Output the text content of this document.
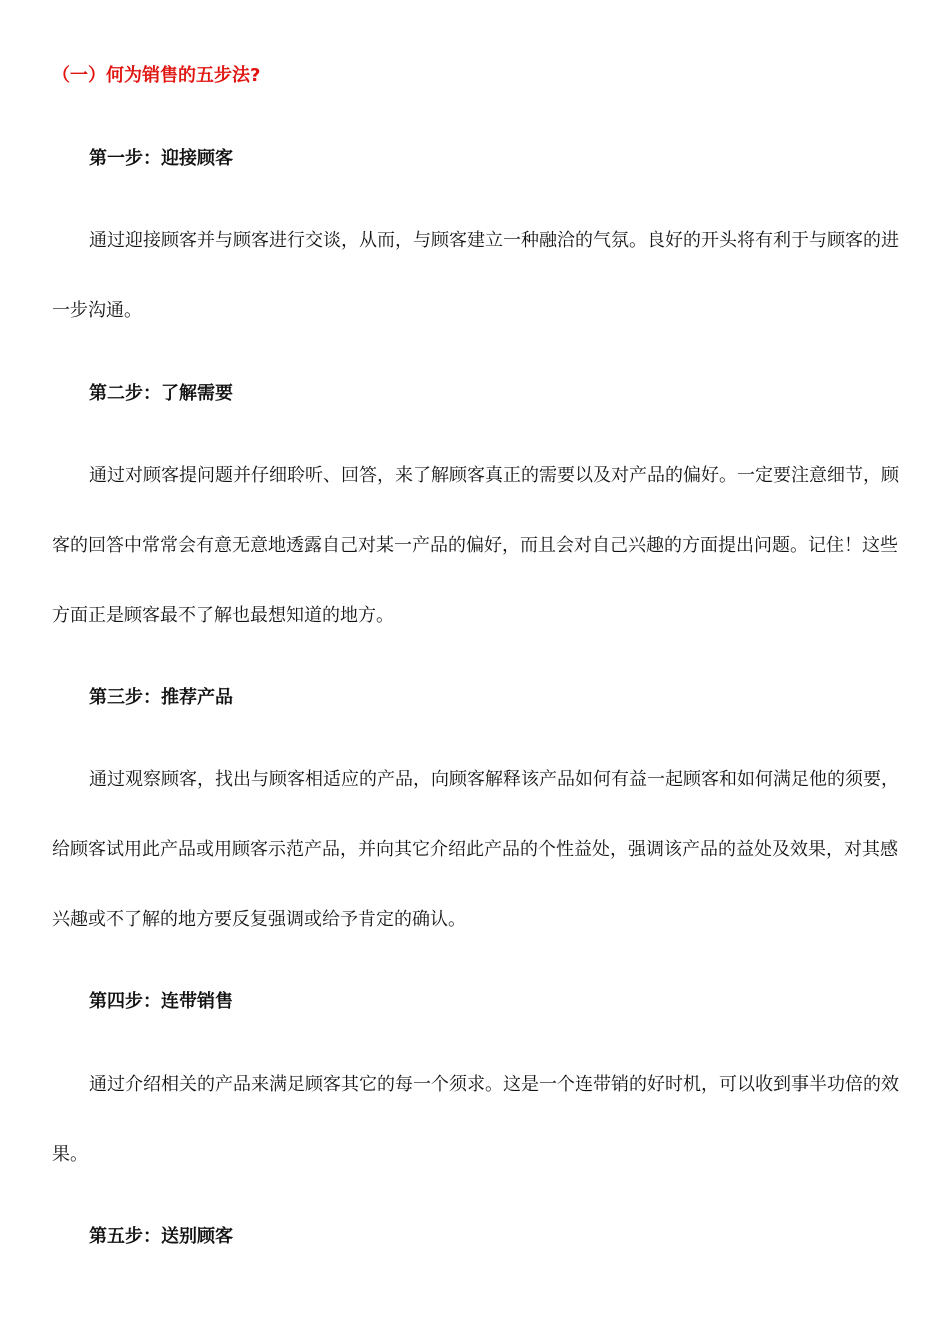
（一）何为销售的五步法?
第一步：迎接顾客
通过迎接顾客并与顾客进行交谈，从而，与顾客建立一种融洽的气氛。良好的开头将有利于与顾客的进一步沟通。
第二步：了解需要
通过对顾客提问题并仔细聆听、回答，来了解顾客真正的需要以及对产品的偏好。一定要注意细节，顾客的回答中常常会有意无意地透露自己对某一产品的偏好，而且会对自己兴趣的方面提出问题。记住！这些方面正是顾客最不了解也最想知道的地方。
第三步：推荐产品
通过观察顾客，找出与顾客相适应的产品，向顾客解释该产品如何有益一起顾客和如何满足他的须要，给顾客试用此产品或用顾客示范产品，并向其它介绍此产品的个性益处，强调该产品的益处及效果，对其感兴趣或不了解的地方要反复强调或给予肯定的确认。
第四步：连带销售
通过介绍相关的产品来满足顾客其它的每一个须求。这是一个连带销的好时机，可以收到事半功倍的效果。
第五步：送别顾客
